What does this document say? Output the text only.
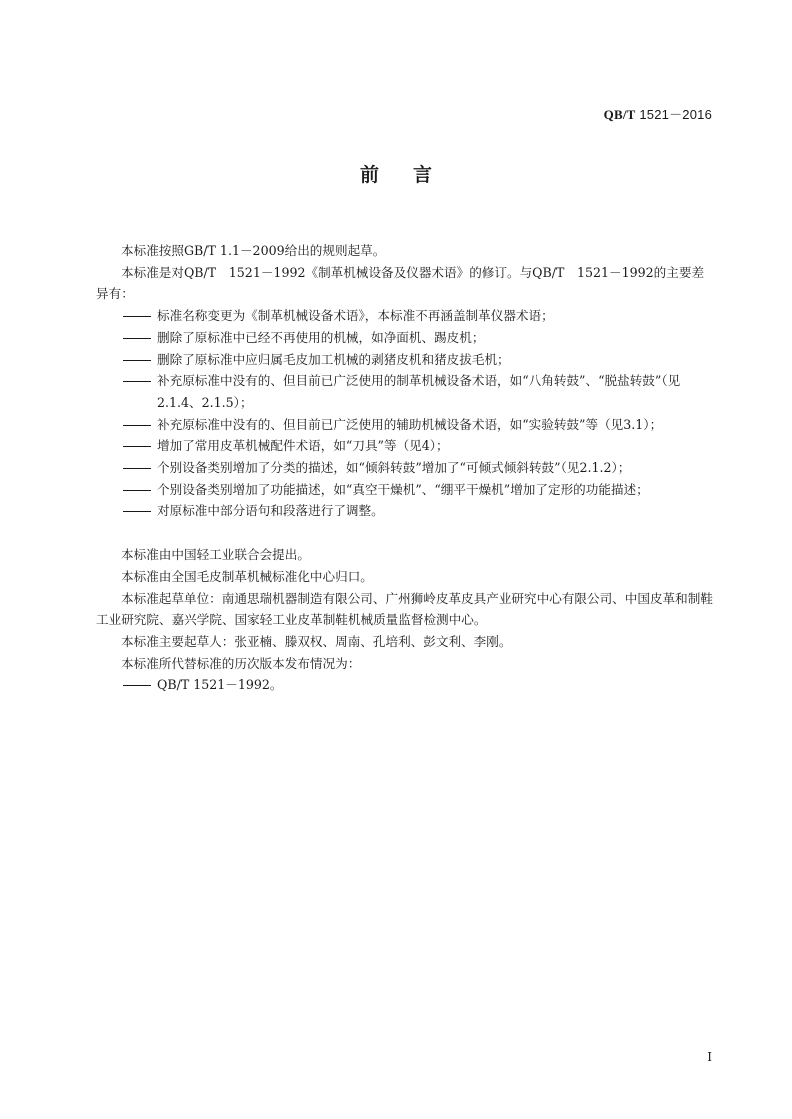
QB/T 1521－2016
前言

本标准按照GB/T 1.1－2009给出的规则起草。

本标准是对QB/T　1521－1992《制革机械设备及仪器术语》的修订。与QB/T　1521－1992的主要差异有：

标准名称变更为《制革机械设备术语》，本标准不再涵盖制革仪器术语；

删除了原标准中已经不再使用的机械，如净面机、踢皮机；

删除了原标准中应归属毛皮加工机械的剥猪皮机和猪皮拔毛机；

补充原标准中没有的、但目前已广泛使用的制革机械设备术语，如“八角转鼓”、“脱盐转鼓”（见2.1.4、2.1.5）；

补充原标准中没有的、但目前已广泛使用的辅助机械设备术语，如“实验转鼓”等（见3.1）；

增加了常用皮革机械配件术语，如“刀具”等（见4）；

个别设备类别增加了分类的描述，如“倾斜转鼓”增加了“可倾式倾斜转鼓”（见2.1.2）；

个别设备类别增加了功能描述，如“真空干燥机”、“绷平干燥机”增加了定形的功能描述；

对原标准中部分语句和段落进行了调整。

本标准由中国轻工业联合会提出。

本标准由全国毛皮制革机械标准化中心归口。

本标准起草单位：南通思瑞机器制造有限公司、广州狮岭皮革皮具产业研究中心有限公司、中国皮革和制鞋工业研究院、嘉兴学院、国家轻工业皮革制鞋机械质量监督检测中心。

本标准主要起草人：张亚楠、滕双权、周南、孔培利、彭文利、李刚。

本标准所代替标准的历次版本发布情况为：

QB/T 1521－1992。

I
